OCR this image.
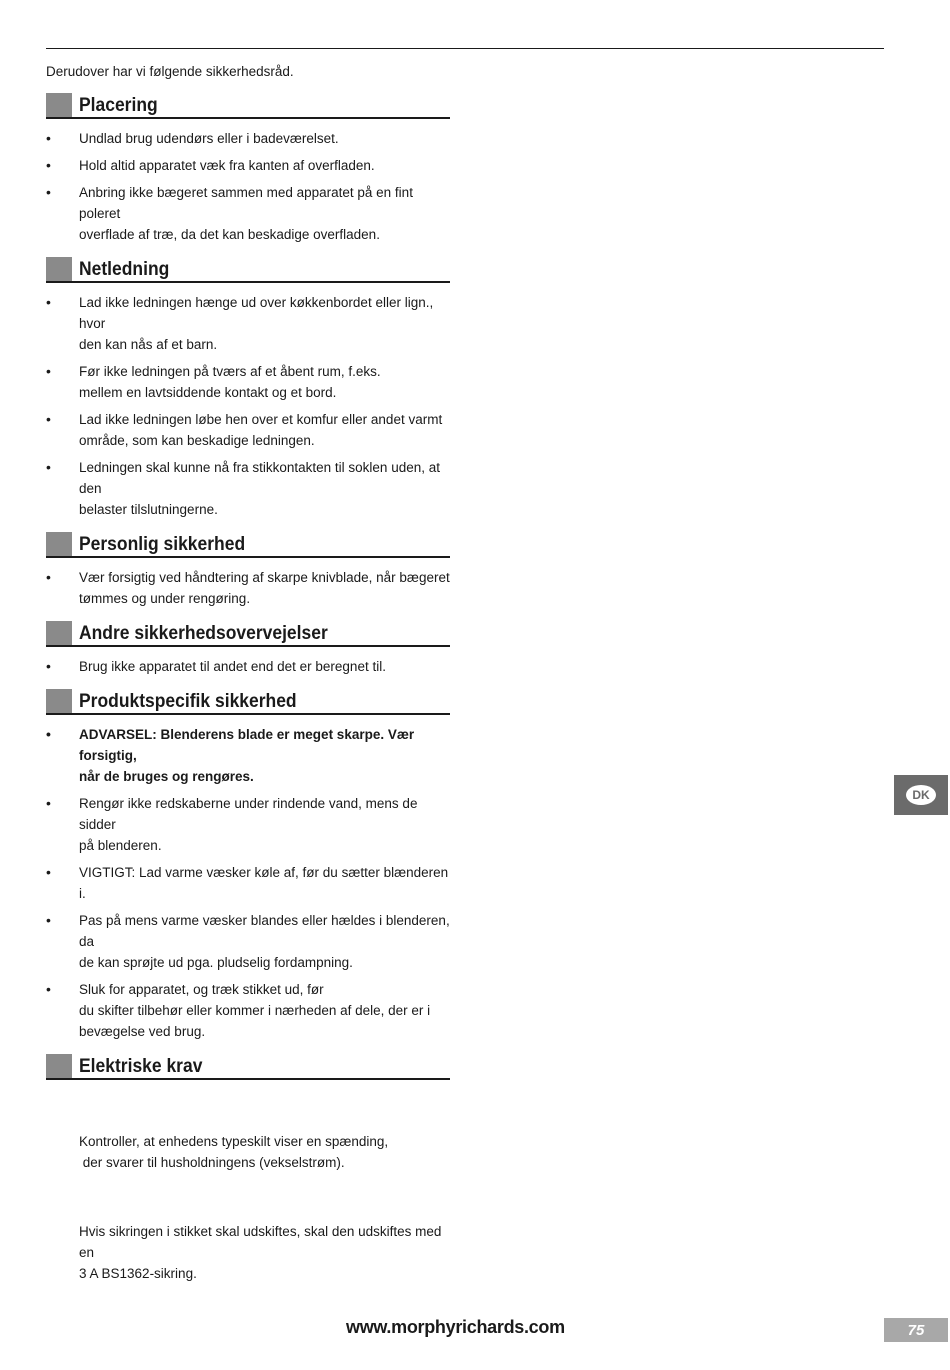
Derudover har vi følgende sikkerhedsråd.
Placering
• Undlad brug udendørs eller i badeværelset.
• Hold altid apparatet væk fra kanten af overfladen.
• Anbring ikke bægeret sammen med apparatet på en fint poleret
overflade af træ, da det kan beskadige overfladen.
Netledning
• Lad ikke ledningen hænge ud over køkkenbordet eller lign., hvor
den kan nås af et barn.
• Før ikke ledningen på tværs af et åbent rum, f.eks.
mellem en lavtsiddende kontakt og et bord.
• Lad ikke ledningen løbe hen over et komfur eller andet varmt
område, som kan beskadige ledningen.
• Ledningen skal kunne nå fra stikkontakten til soklen uden, at den
belaster tilslutningerne.
Personlig sikkerhed
• Vær forsigtig ved håndtering af skarpe knivblade, når bægeret
tømmes og under rengøring.
Andre sikkerhedsovervejelser
• Brug ikke apparatet til andet end det er beregnet til.
Produktspecifik sikkerhed
• ADVARSEL: Blenderens blade er meget skarpe. Vær forsigtig,
når de bruges og rengøres.
• Rengør ikke redskaberne under rindende vand, mens de sidder
på blenderen.
• VIGTIGT: Lad varme væsker køle af, før du sætter blænderen i.
• Pas på mens varme væsker blandes eller hældes i blenderen, da
de kan sprøjte ud pga. pludselig fordampning.
• Sluk for apparatet, og træk stikket ud, før
du skifter tilbehør eller kommer i nærheden af dele, der er i
bevægelse ved brug.
Elektriske krav

Kontroller, at enhedens typeskilt viser en spænding,
der svarer til husholdningens (vekselstrøm).

Hvis sikringen i stikket skal udskiftes, skal den udskiftes med en
3 A BS1362-sikring.
DK
www.morphyrichards.com	75
